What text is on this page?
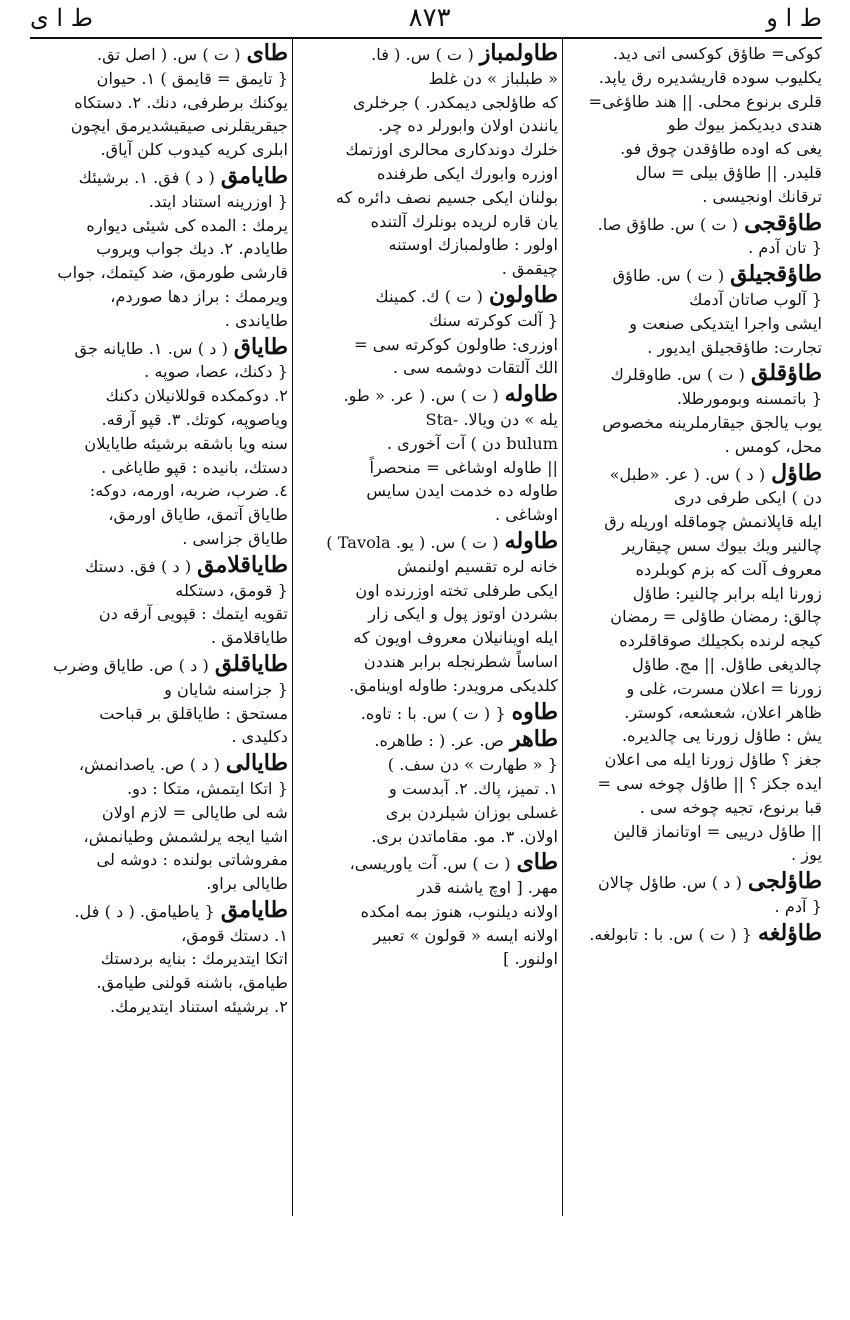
ط ا ی	۸۷۳	ط ا و
كوكى= طاؤق كوكسى اتى ديد.
يكليوب سوده قاريشديره رق ياپد.
قلرى برنوع محلى. || هند طاؤغى=
هندى ديديكمز بيوك طو
يغى كه اوده طاؤقدن چوق فو.
قليدر. || طاؤق بيلى = سال
ترقانك اونجيسى .
طاؤقجى( ت ) س. طاؤق صا.
{ تان آدم .
طاؤقجيلق( ت ) س. طاؤق
{ آلوب صاتان آدمك
ايشى واجرا ايتديكى صنعت و
تجارت: طاؤقجيلق ايديور .
طاؤقلق( ت ) س. طاوقلرك
{ باتمسنه وبومورطلا.
يوب يالجق جيقارملرينه مخصوص
محل، كومس .
طاؤل( د ) س. ( عر. «طبل»
دن ) ايكى طرفى درى
ايله قاپلانمش چوماقله اوريله رق
چالنير ويك بيوك سس چيقارير
معروف آلت كه بزم كوبلرده
زورنا ايله برابر چالنير: طاؤل
چالق: رمضان طاؤلى = رمضان
كيجه لرنده بكجيلك صوقاقلرده
چالديغى طاؤل. || مج. طاؤل
زورنا = اعلان مسرت، غلى و
ظاهر اعلان، شعشعه، كوستر.
يش : طاؤل زورنا يى چالديره.
جغز ؟ طاؤل زورنا ايله مى اعلان
ايده جكز ؟ || طاؤل چوخه سى =
قبا برنوع، تجيه چوخه سى .
|| طاؤل درييى = اوتانماز قالين
يوز .
طاؤلجى( د ) س. طاؤل چالان
{ آدم .
طاؤلغه{ ( ت ) س. با : تابولغه.
طاولمباز( ت ) س. ( فا.
« طبلباز » دن غلط
كه طاؤلجى ديمكدر. ) جرخلرى
يانندن اولان وابورلر ده چر.
خلرك دوندكارى محالرى اوزتمك
اوزره وابورك ايكى طرفنده
بولنان ايكى جسيم نصف دائره كه
يان قاره لريده بونلرك آلتنده
اولور : طاولمبازك اوستنه
چيقمق .
طاولون( ت ) ك. كمينك
{ آلت كوكرته سنك
اوزرى: طاولون كوكرته سى =
الك آلتقات دوشمه سى .
طاوله( ت ) س. ( عر. « طو.
يله » دن ويالا. -Sta
bulum دن ) آت آخورى .
|| طاوله اوشاغى = منحصراً
طاوله ده خدمت ايدن سايس
اوشاغى .
طاوله( ت ) س. ( يو. Tavola )
خانه لره تقسيم اولنمش
ايكى طرفلى تخته اوزرنده اون
بشردن اوتوز پول و ايكى زار
ايله اوينانيلان معروف اويون كه
اساساً شطرنجله برابر هنددن
كلديكى مرويدر: طاوله اوينامق.
طاوه{ ( ت ) س. با : تاوه.
طاهرص. عر. ( : طاهره.
{ « طهارت » دن سف. )
١. تميز، پاك. ٢. آبدست و
غسلى بوزان شيلردن برى
اولان. ٣. مو. مقاماتدن برى.
طاى( ت ) س. آت ياوريسى،
مهر. [ اوچ ياشنه قدر
اولانه ديلنوب، هنوز بمه امكده
اولانه ايسه « قولون » تعبير
اولنور. ]
طاى( ت ) س. ( اصل تق.
{ تايمق = قايمق ) ١. حيوان
يوكنك برطرفى، دنك. ٢. دستكاه
جيقريقلرنى صيقيشديرمق ايچون
ابلرى كريه كيدوب كلن آياق.
طايامق( د ) فق. ١. برشيئك
{ اوزرينه استناد ايتد.
يرمك : المده كى شيئى ديواره
طايادم. ٢. ديك جواب ويروب
قارشى طورمق، ضد كيتمك، جواب
ويرممك : براز دها صوردم،
طاياندى .
طاياق( د ) س. ١. طايانه جق
{ دكنك، عصا، صوپه .
٢. دوكمكده قوللانيلان دكنك
وياصوپه، كوتك. ٣. قپو آرقه.
سنه ويا باشقه برشيئه طايايلان
دستك، بانيده : قپو طاياغى .
٤. ضرب، ضربه، اورمه، دوكه:
طاياق آتمق، طاياق اورمق،
طاياق جزاسى .
طاياقلامق( د ) فق. دستك
{ قومق، دستكله
تقويه ايتمك : قپويى آرقه دن
طاياقلامق .
طاياقلق( د ) ص. طاياق وضرب
{ جزاسنه شايان و
مستحق : طاياقلق بر قباحت
دكليدى .
طايالى( د ) ص. ياصدانمش،
{ اتكا ايتمش، متكا : دو.
شه لى طايالى = لازم اولان
اشيا ايجه يرلشمش وطيانمش،
مفروشاتى بولنده : دوشه لى
طايالى براو.
طايامق{ ياطيامق. ( د ) فل.
١. دستك قومق،
اتكا ايتديرمك : بنايه بردستك
طيامق، باشنه قولنى طيامق.
٢. برشيئه استناد ايتديرمك.
